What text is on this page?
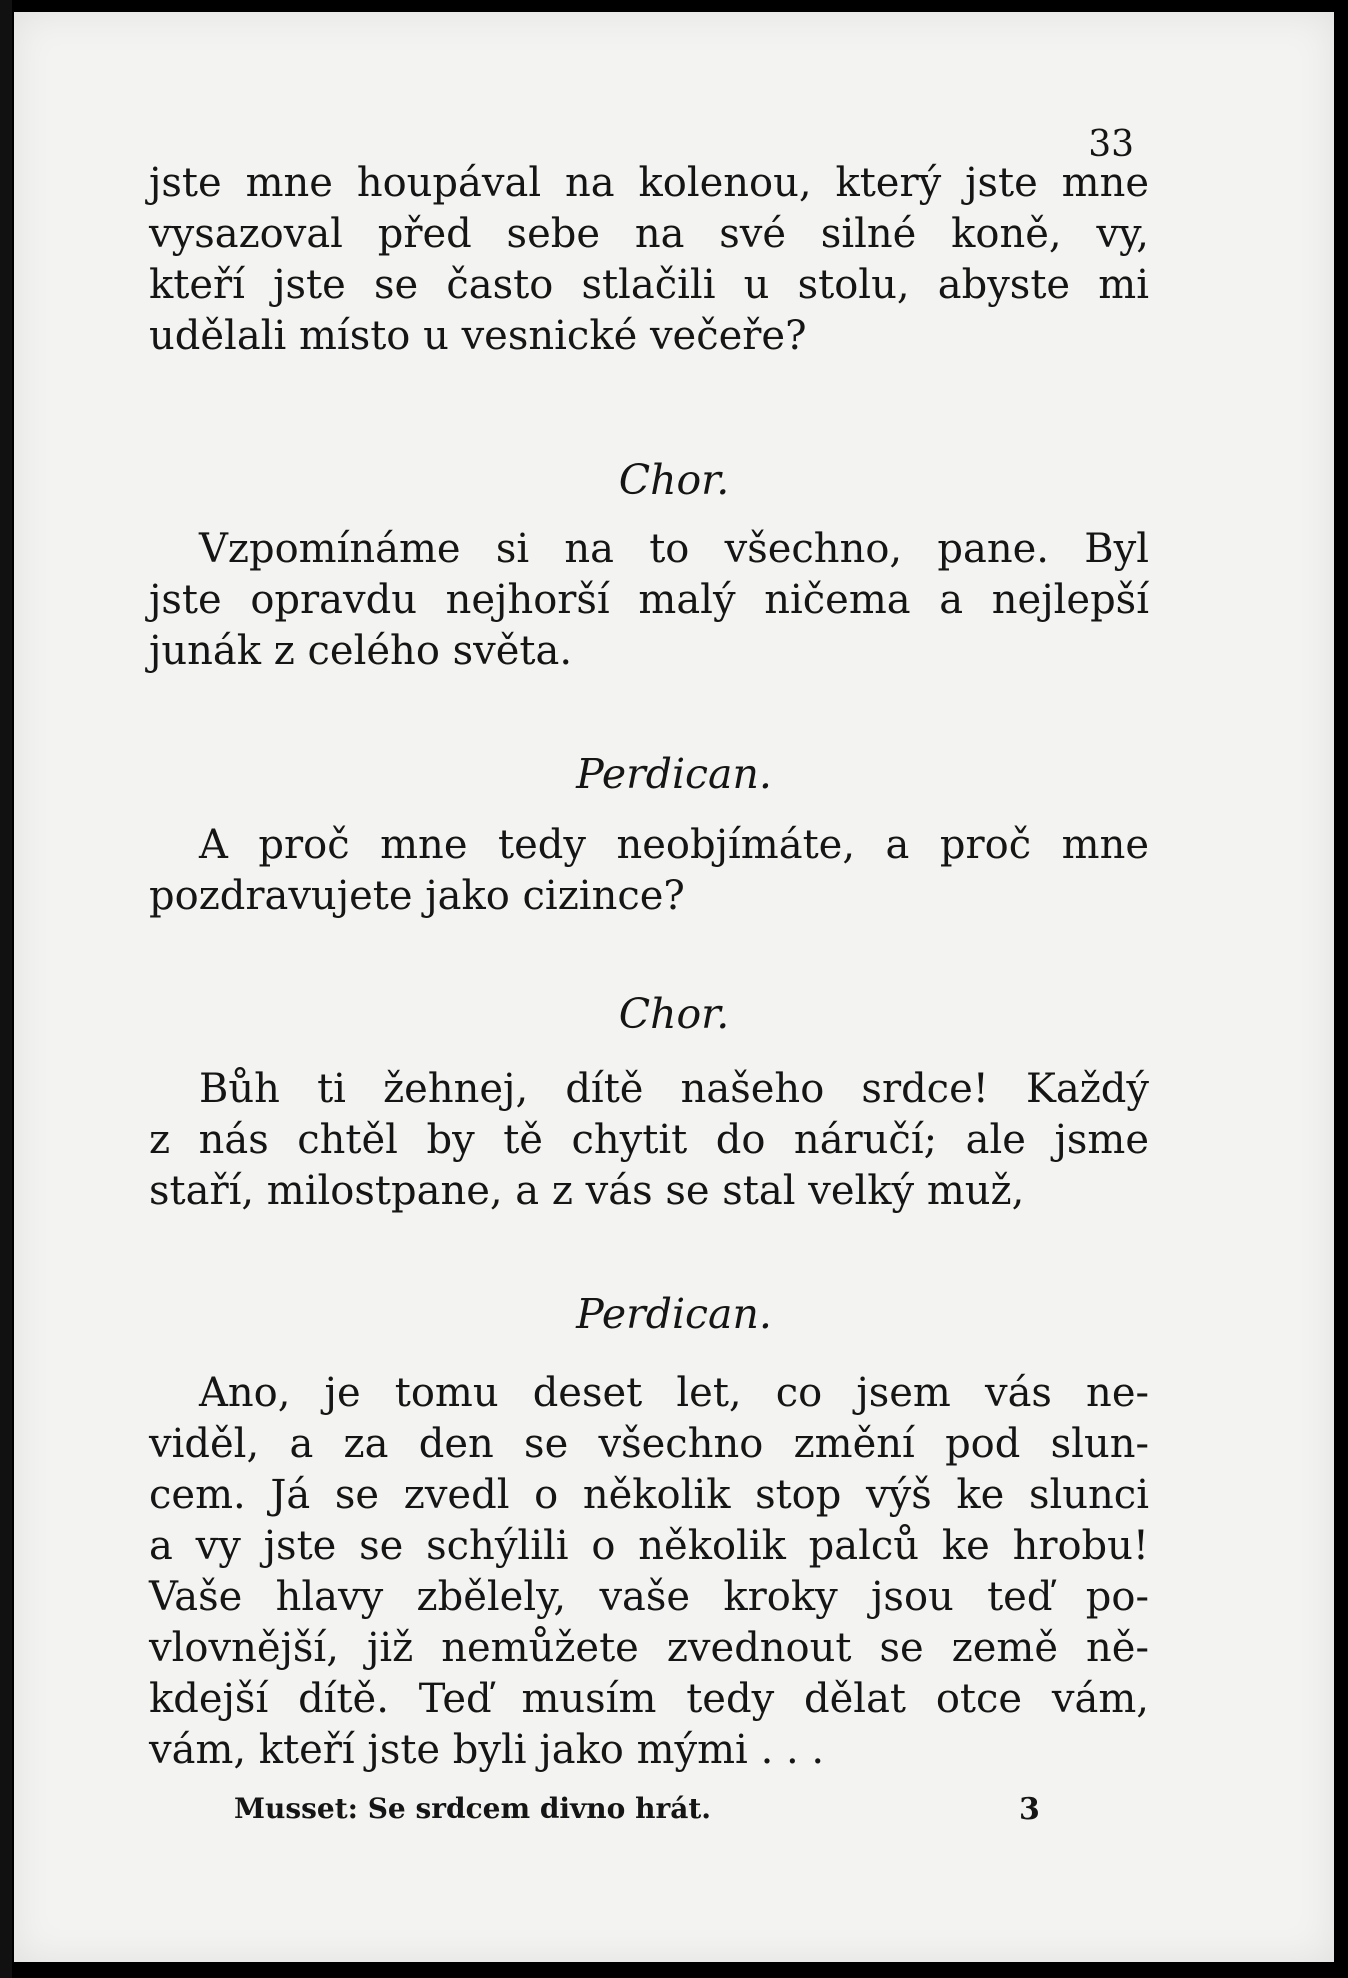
33
jste mne houpával na kolenou, který jste mne
vysazoval před sebe na své silné koně, vy,
kteří jste se často stlačili u stolu, abyste mi
udělali místo u vesnické večeře?
Chor.
Vzpomínáme si na to všechno, pane. Byl
jste opravdu nejhorší malý ničema a nejlepší
junák z celého světa.
Perdican.
A proč mne tedy neobjímáte, a proč mne
pozdravujete jako cizince?
Chor.
Bůh ti žehnej, dítě našeho srdce! Každý
z nás chtěl by tě chytit do náručí; ale jsme
staří, milostpane, a z vás se stal velký muž,
Perdican.
Ano, je tomu deset let, co jsem vás ne-
viděl, a za den se všechno změní pod slun-
cem. Já se zvedl o několik stop výš ke slunci
a vy jste se schýlili o několik palců ke hrobu!
Vaše hlavy zbělely, vaše kroky jsou teď po-
vlovnější, již nemůžete zvednout se země ně-
kdejší dítě. Teď musím tedy dělat otce vám,
vám, kteří jste byli jako mými . . .
Musset: Se srdcem divno hrát.	3
